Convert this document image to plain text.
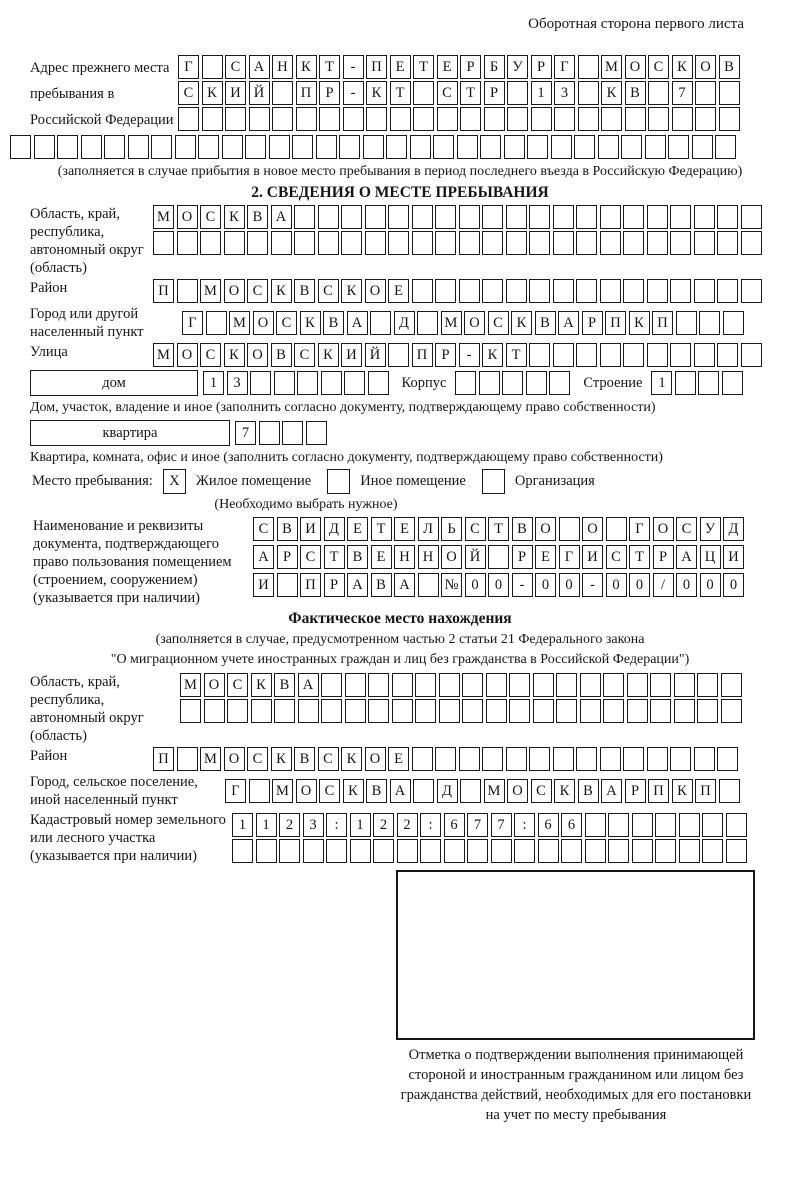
Оборотная сторона первого листа
Адрес прежнего места пребывания в Российской Федерации
Г	С А Н К Т	-	П Е	Т	Е	Р	Б У Р	Г	М О С К О В
С К И Й	П Р	-	К Т	С Т	Р	1	3	К В	7
(заполняется в случае прибытия в новое место пребывания в период последнего въезда в Российскую Федерацию)
2. СВЕДЕНИЯ О МЕСТЕ ПРЕБЫВАНИЯ
Область, край, республика, автономный округ (область)
М О С К В А
Район	П	М О С К В С К О Е
Город или другой населенный пункт
Г	М О С К В А	Д	М О С К В А Р П К П
Улица	М О С К О В С К И Й	П Р	-	К Т
дом	1	3	Корпус	Строение	1
Дом, участок, владение и иное (заполнить согласно документу, подтверждающему право собственности)
квартира	7
Квартира, комната, офис и иное (заполнить согласно документу, подтверждающему право собственности)
Место пребывания:	X	Жилое помещение	Иное помещение	Организация
(Необходимо выбрать нужное)
Наименование и реквизиты документа, подтверждающего право пользования помещением (строением, сооружением) (указывается при наличии)
С В И Д Е	Т	Е Л Ь	С Т В О	О	Г О С У Д
А Р	С Т В Е Н Н О Й	Р	Е	Г И С Т	Р А Ц И
И	П Р А В А	№ 0	0	-	0	0	-	0	0	/	0	0	0
Фактическое место нахождения
(заполняется в случае, предусмотренном частью 2 статьи 21 Федерального закона
"О миграционном учете иностранных граждан и лиц без гражданства в Российской Федерации")
Область, край, республика, автономный округ (область)
М О С К В А
Район	П	М О С К В С К О Е
Город, сельское поселение, иной населенный пункт
Г	М О С К В А	Д	М О С К В А Р П К П
Кадастровый номер земельного или лесного участка (указывается при наличии)
1	1	2	3	:	1	2	2	:	6	7	7	:	6	6
Отметка о подтверждении выполнения принимающей
стороной и иностранным гражданином или лицом без
гражданства действий, необходимых для его постановки
на учет по месту пребывания
